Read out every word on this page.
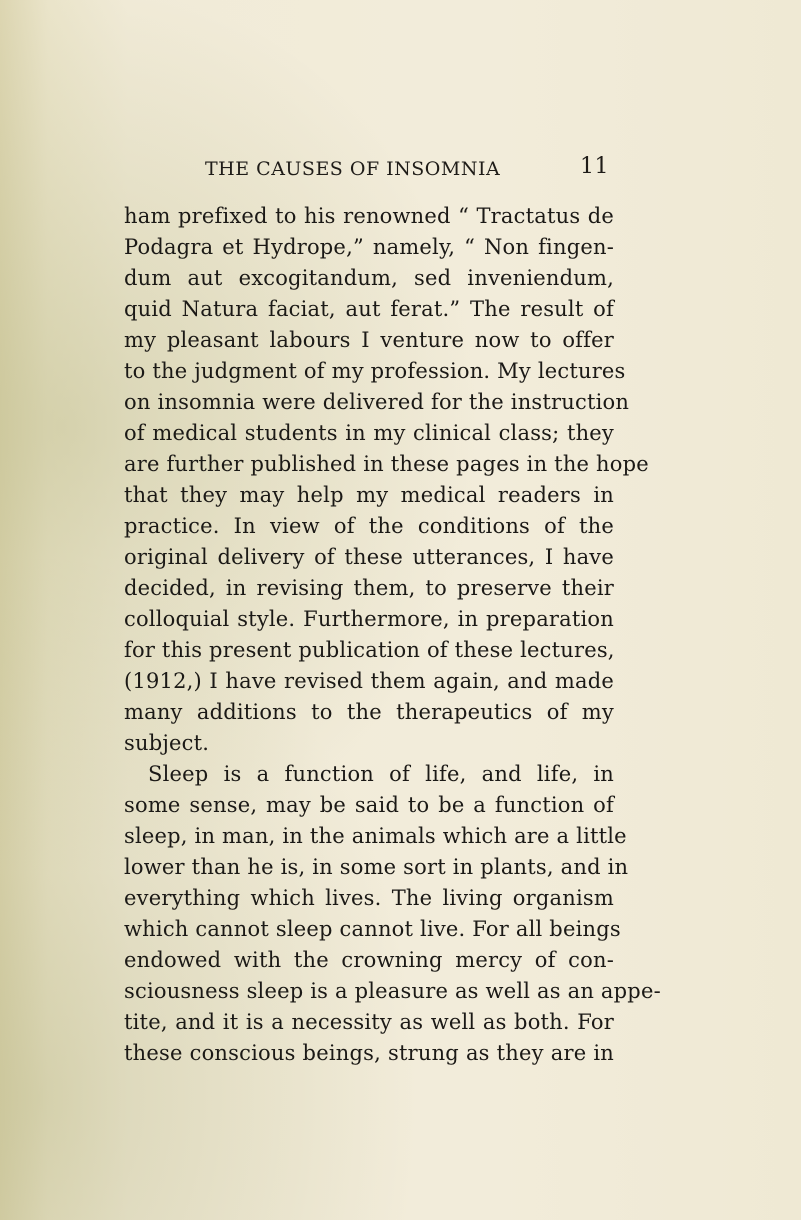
THE CAUSES OF INSOMNIA	11
ham prefixed to his renowned “ Tractatus de
Podagra et Hydrope,” namely, “ Non fingen-
dum aut excogitandum, sed inveniendum,
quid Natura faciat, aut ferat.” The result of
my pleasant labours I venture now to offer
to the judgment of my profession. My lectures
on insomnia were delivered for the instruction
of medical students in my clinical class; they
are further published in these pages in the hope
that they may help my medical readers in
practice. In view of the conditions of the
original delivery of these utterances, I have
decided, in revising them, to preserve their
colloquial style. Furthermore, in preparation
for this present publication of these lectures,
(1912,) I have revised them again, and made
many additions to the therapeutics of my
subject.
Sleep is a function of life, and life, in
some sense, may be said to be a function of
sleep, in man, in the animals which are a little
lower than he is, in some sort in plants, and in
everything which lives. The living organism
which cannot sleep cannot live. For all beings
endowed with the crowning mercy of con-
sciousness sleep is a pleasure as well as an appe-
tite, and it is a necessity as well as both. For
these conscious beings, strung as they are in
